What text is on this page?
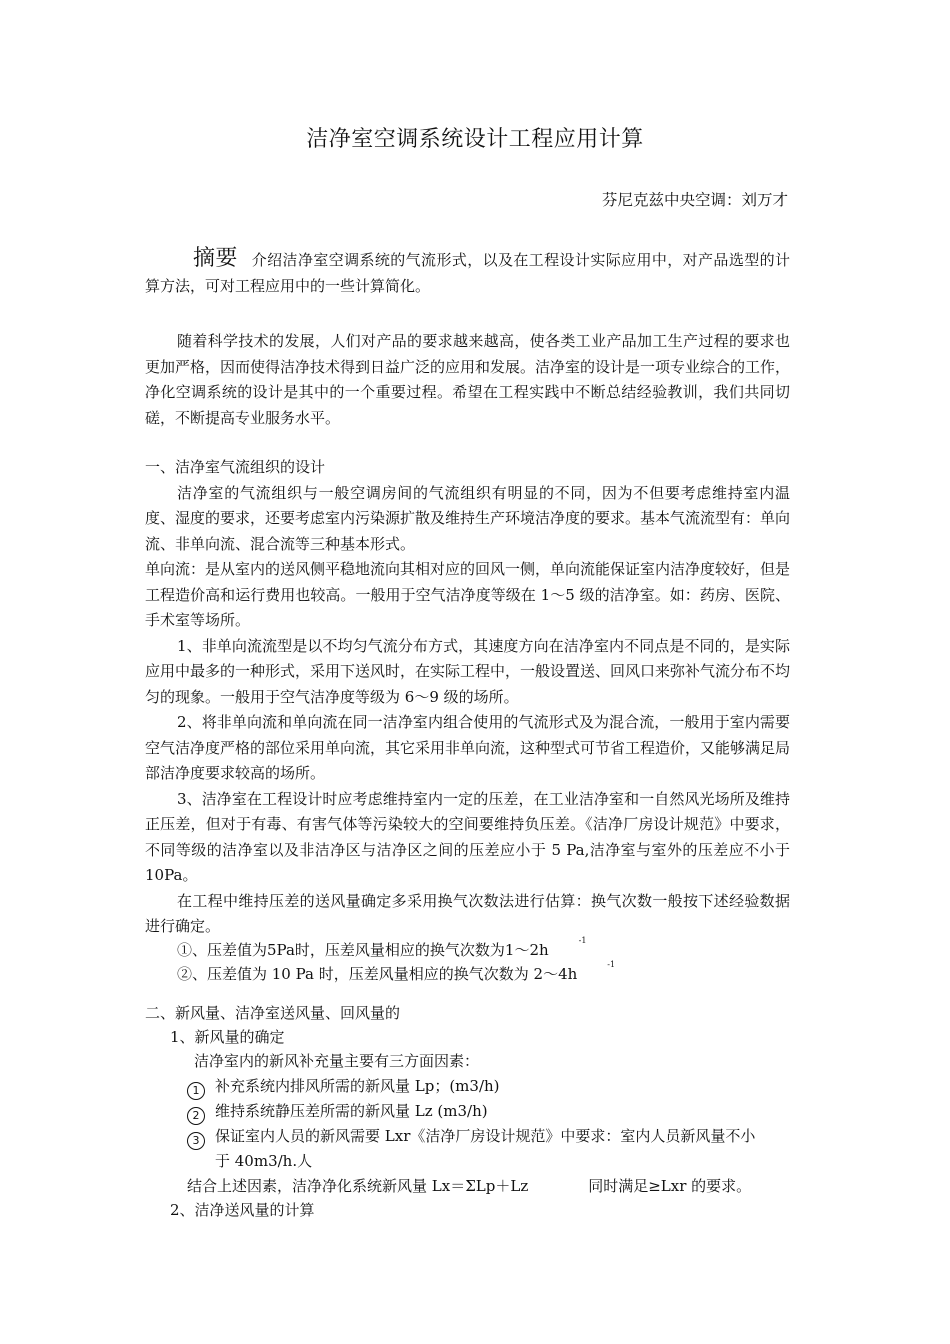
洁净室空调系统设计工程应用计算
芬尼克兹中央空调：刘万才

摘要 介绍洁净室空调系统的气流形式，以及在工程设计实际应用中，对产品选型的计算方法，可对工程应用中的一些计算简化。

随着科学技术的发展，人们对产品的要求越来越高，使各类工业产品加工生产过程的要求也更加严格，因而使得洁净技术得到日益广泛的应用和发展。洁净室的设计是一项专业综合的工作，净化空调系统的设计是其中的一个重要过程。希望在工程实践中不断总结经验教训，我们共同切磋，不断提高专业服务水平。

一、洁净室气流组织的设计

洁净室的气流组织与一般空调房间的气流组织有明显的不同，因为不但要考虑维持室内温度、湿度的要求，还要考虑室内污染源扩散及维持生产环境洁净度的要求。基本气流流型有：单向流、非单向流、混合流等三种基本形式。

单向流：是从室内的送风侧平稳地流向其相对应的回风一侧，单向流能保证室内洁净度较好，但是工程造价高和运行费用也较高。一般用于空气洁净度等级在 1～5 级的洁净室。如：药房、医院、手术室等场所。

1、非单向流流型是以不均匀气流分布方式，其速度方向在洁净室内不同点是不同的，是实际应用中最多的一种形式，采用下送风时，在实际工程中，一般设置送、回风口来弥补气流分布不均匀的现象。一般用于空气洁净度等级为 6～9 级的场所。

2、将非单向流和单向流在同一洁净室内组合使用的气流形式及为混合流，一般用于室内需要空气洁净度严格的部位采用单向流，其它采用非单向流，这种型式可节省工程造价，又能够满足局部洁净度要求较高的场所。

3、洁净室在工程设计时应考虑维持室内一定的压差，在工业洁净室和一自然风光场所及维持正压差，但对于有毒、有害气体等污染较大的空间要维持负压差。《洁净厂房设计规范》中要求，不同等级的洁净室以及非洁净区与洁净区之间的压差应小于 5 Pa,洁净室与室外的压差应不小于 10Pa。

在工程中维持压差的送风量确定多采用换气次数法进行估算：换气次数一般按下述经验数据进行确定。

①、压差值为5Pa时，压差风量相应的换气次数为$1\sim 2h^{-1}$
②、压差值为 10 Pa 时，压差风量相应的换气次数为 $2\sim 4h^{-1}$
二、新风量、洁净室送风量、回风量的
1、新风量的确定
洁净室内的新风补充量主要有三方面因素：
1 补充系统内排风所需的新风量 Lp；(m3/h)
2 维持系统静压差所需的新风量 Lz (m3/h)
3 保证室内人员的新风需要 Lxr《洁净厂房设计规范》中要求：室内人员新风量不小
于 40m3/h.人
结合上述因素，洁净净化系统新风量 Lx＝ΣLp＋Lz	同时满足≥Lxr 的要求。
2、洁净送风量的计算
